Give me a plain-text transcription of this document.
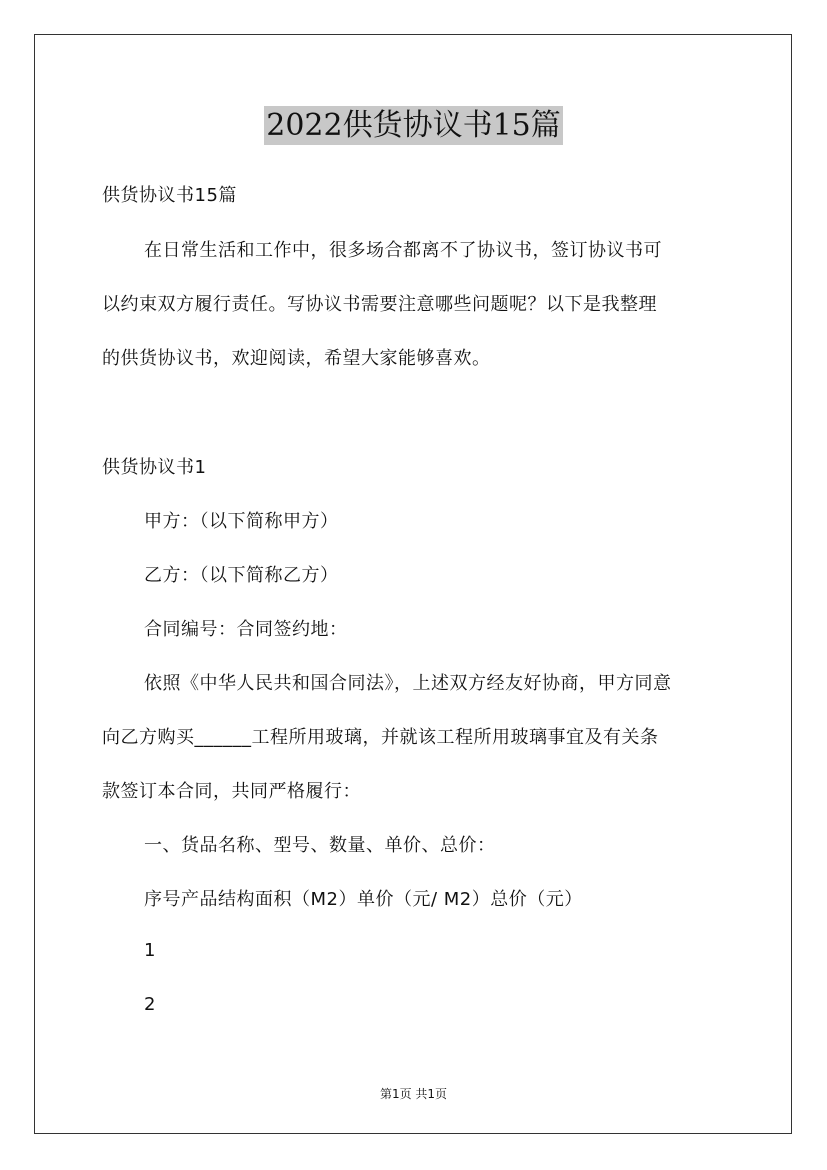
2022供货协议书15篇
供货协议书15篇
在日常生活和工作中，很多场合都离不了协议书，签订协议书可
以约束双方履行责任。写协议书需要注意哪些问题呢？以下是我整理
的供货协议书，欢迎阅读，希望大家能够喜欢。
供货协议书1
甲方：（以下简称甲方）
乙方：（以下简称乙方）
合同编号：合同签约地：
依照《中华人民共和国合同法》，上述双方经友好协商，甲方同意
向乙方购买______工程所用玻璃，并就该工程所用玻璃事宜及有关条
款签订本合同，共同严格履行：
一、货品名称、型号、数量、单价、总价：
序号产品结构面积（M2）单价（元/ M2）总价（元）
1
2
第1页 共1页
